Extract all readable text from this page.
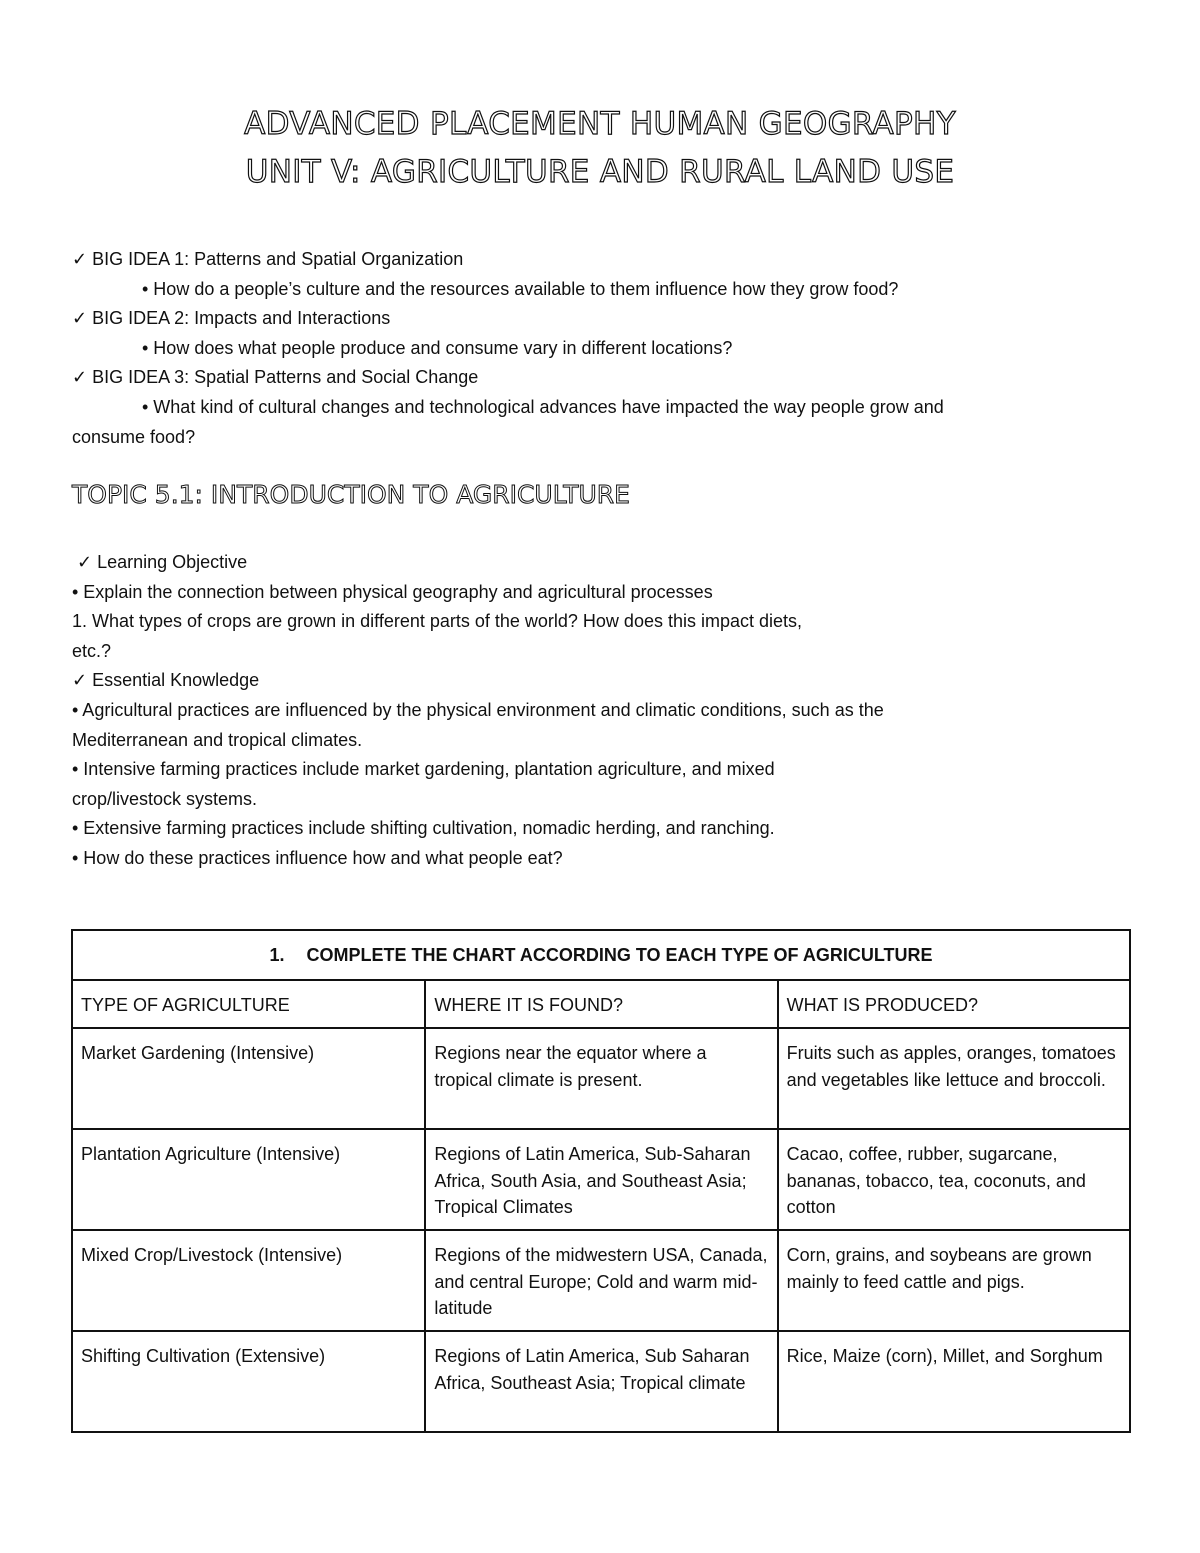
ADVANCED PLACEMENT HUMAN GEOGRAPHY
UNIT V: AGRICULTURE AND RURAL LAND USE
✓ BIG IDEA 1: Patterns and Spatial Organization
• How do a people’s culture and the resources available to them influence how they grow food?
✓ BIG IDEA 2: Impacts and Interactions
• How does what people produce and consume vary in different locations?
✓ BIG IDEA 3: Spatial Patterns and Social Change
• What kind of cultural changes and technological advances have impacted the way people grow and
consume food?
TOPIC 5.1: INTRODUCTION TO AGRICULTURE
✓ Learning Objective
• Explain the connection between physical geography and agricultural processes
1. What types of crops are grown in different parts of the world? How does this impact diets,
etc.?
✓ Essential Knowledge
• Agricultural practices are influenced by the physical environment and climatic conditions, such as the
Mediterranean and tropical climates.
• Intensive farming practices include market gardening, plantation agriculture, and mixed
crop/livestock systems.
• Extensive farming practices include shifting cultivation, nomadic herding, and ranching.
• How do these practices influence how and what people eat?
1. COMPLETE THE CHART ACCORDING TO EACH TYPE OF AGRICULTURE		
TYPE OF AGRICULTURE	WHERE IT IS FOUND?	WHAT IS PRODUCED?
Market Gardening (Intensive)	Regions near the equator where a tropical climate is present.	Fruits such as apples, oranges, tomatoes and vegetables like lettuce and broccoli.
Plantation Agriculture (Intensive)	Regions of Latin America, Sub-Saharan Africa, South Asia, and Southeast Asia; Tropical Climates	Cacao, coffee, rubber, sugarcane, bananas, tobacco, tea, coconuts, and cotton
Mixed Crop/Livestock (Intensive)	Regions of the midwestern USA, Canada, and central Europe; Cold and warm mid-latitude	Corn, grains, and soybeans are grown mainly to feed cattle and pigs.
Shifting Cultivation (Extensive)	Regions of Latin America, Sub Saharan Africa, Southeast Asia; Tropical climate	Rice, Maize (corn), Millet, and Sorghum
